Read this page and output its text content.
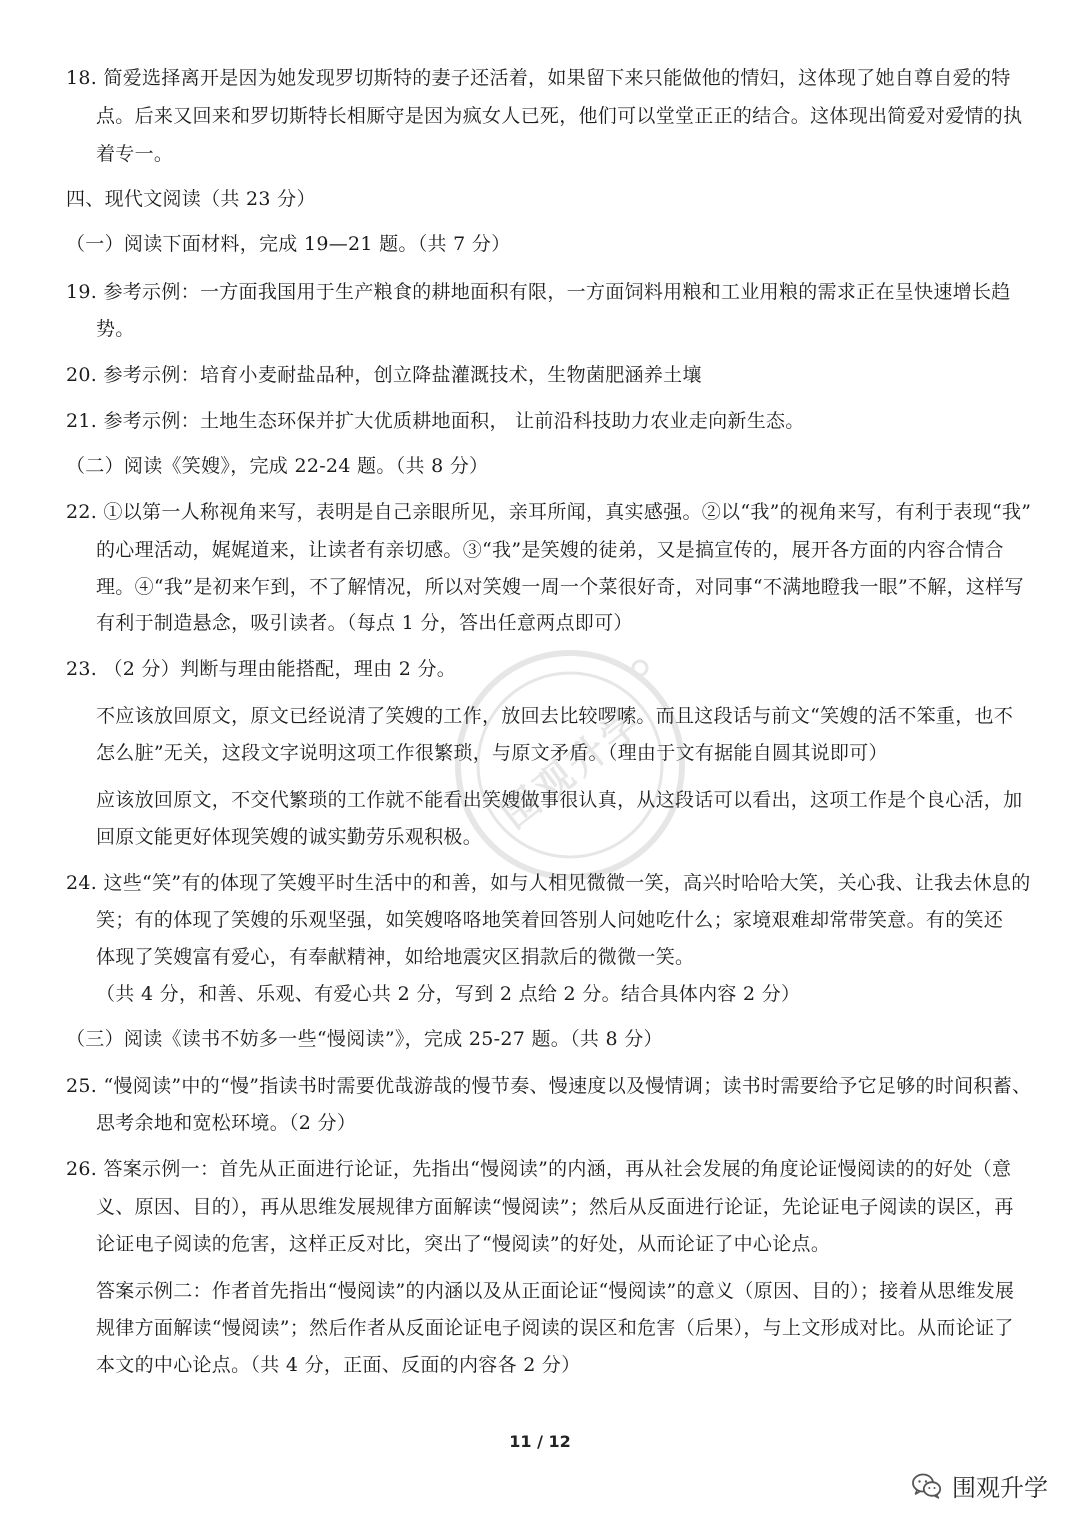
18. 简爱选择离开是因为她发现罗切斯特的妻子还活着，如果留下来只能做他的情妇，这体现了她自尊自爱的特
点。后来又回来和罗切斯特长相厮守是因为疯女人已死，他们可以堂堂正正的结合。这体现出简爱对爱情的执
着专一。
四、现代文阅读（共 23 分）
（一）阅读下面材料，完成 19—21 题。（共 7 分）
19. 参考示例：一方面我国用于生产粮食的耕地面积有限，一方面饲料用粮和工业用粮的需求正在呈快速增长趋
势。
20. 参考示例：培育小麦耐盐品种，创立降盐灌溉技术，生物菌肥涵养土壤
21. 参考示例：土地生态环保并扩大优质耕地面积， 让前沿科技助力农业走向新生态。
（二）阅读《笑嫂》，完成 22-24 题。（共 8 分）
22. ①以第一人称视角来写，表明是自己亲眼所见，亲耳所闻，真实感强。②以“我”的视角来写，有利于表现“我”
的心理活动，娓娓道来，让读者有亲切感。③“我”是笑嫂的徒弟，又是搞宣传的，展开各方面的内容合情合
理。④“我”是初来乍到，不了解情况，所以对笑嫂一周一个菜很好奇，对同事“不满地瞪我一眼”不解，这样写
有利于制造悬念，吸引读者。（每点 1 分，答出任意两点即可）
23. （2 分）判断与理由能搭配，理由 2 分。
不应该放回原文，原文已经说清了笑嫂的工作，放回去比较啰嗦。而且这段话与前文“笑嫂的活不笨重，也不
怎么脏”无关，这段文字说明这项工作很繁琐，与原文矛盾。（理由于文有据能自圆其说即可）
应该放回原文，不交代繁琐的工作就不能看出笑嫂做事很认真，从这段话可以看出，这项工作是个良心活，加
回原文能更好体现笑嫂的诚实勤劳乐观积极。
24. 这些“笑”有的体现了笑嫂平时生活中的和善，如与人相见微微一笑，高兴时哈哈大笑，关心我、让我去休息的
笑；有的体现了笑嫂的乐观坚强，如笑嫂咯咯地笑着回答别人问她吃什么；家境艰难却常带笑意。有的笑还
体现了笑嫂富有爱心，有奉献精神，如给地震灾区捐款后的微微一笑。
（共 4 分，和善、乐观、有爱心共 2 分，写到 2 点给 2 分。结合具体内容 2 分）
（三）阅读《读书不妨多一些“慢阅读”》，完成 25-27 题。（共 8 分）
25. “慢阅读”中的“慢”指读书时需要优哉游哉的慢节奏、慢速度以及慢情调；读书时需要给予它足够的时间积蓄、
思考余地和宽松环境。（2 分）
26. 答案示例一：首先从正面进行论证，先指出“慢阅读”的内涵，再从社会发展的角度论证慢阅读的的好处（意
义、原因、目的），再从思维发展规律方面解读“慢阅读”；然后从反面进行论证，先论证电子阅读的误区，再
论证电子阅读的危害，这样正反对比，突出了“慢阅读”的好处，从而论证了中心论点。
答案示例二：作者首先指出“慢阅读”的内涵以及从正面论证“慢阅读”的意义（原因、目的）；接着从思维发展
规律方面解读“慢阅读”；然后作者从反面论证电子阅读的误区和危害（后果），与上文形成对比。从而论证了
本文的中心论点。（共 4 分，正面、反面的内容各 2 分）
围观升学
11 / 12
围观升学
